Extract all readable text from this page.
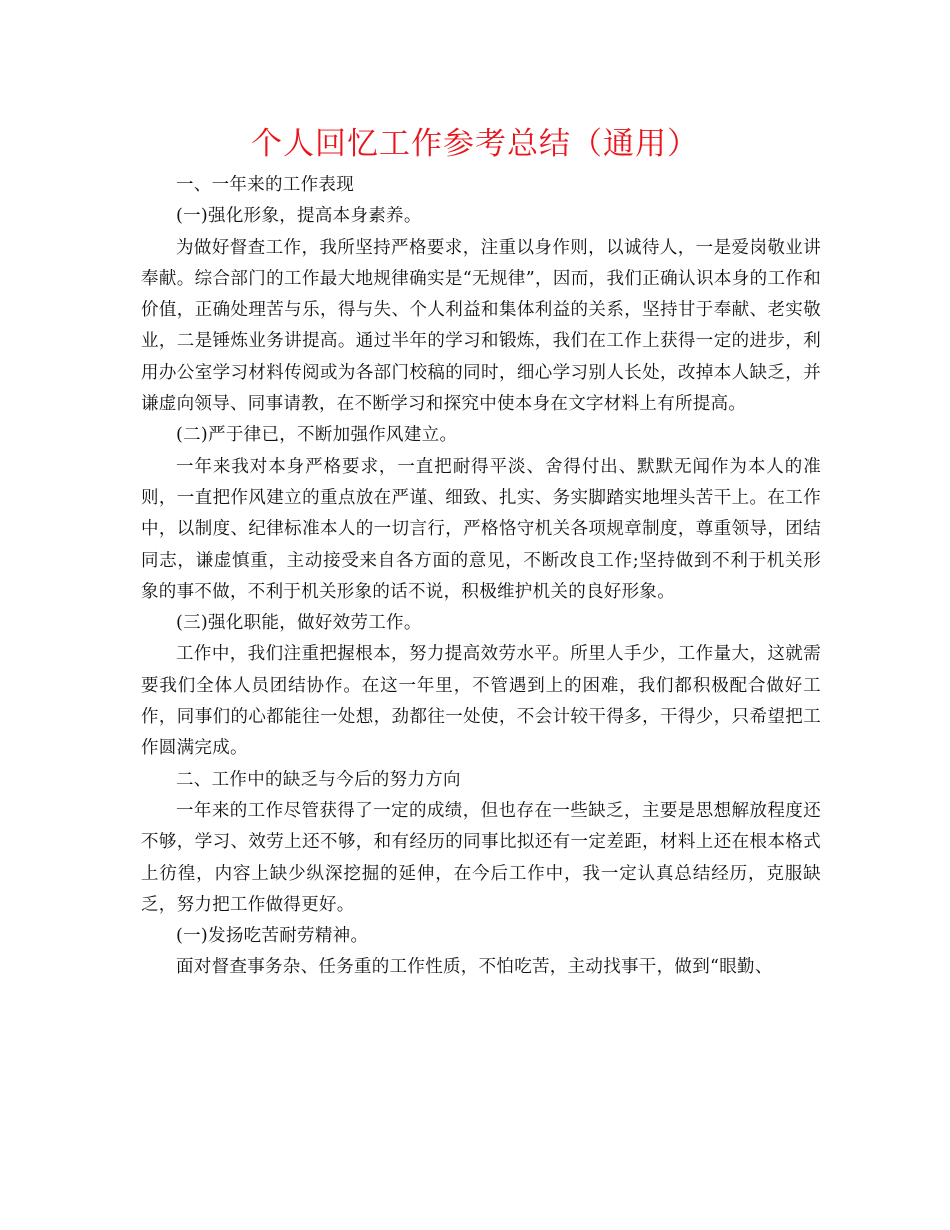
个人回忆工作参考总结（通用）

一、一年来的工作表现

(一)强化形象，提高本身素养。

为做好督查工作，我所坚持严格要求，注重以身作则，以诚待人，一是爱岗敬业讲奉献。综合部门的工作最大地规律确实是“无规律”，因而，我们正确认识本身的工作和价值，正确处理苦与乐，得与失、个人利益和集体利益的关系，坚持甘于奉献、老实敬业，二是锤炼业务讲提高。通过半年的学习和锻炼，我们在工作上获得一定的进步，利用办公室学习材料传阅或为各部门校稿的同时，细心学习别人长处，改掉本人缺乏，并谦虚向领导、同事请教，在不断学习和探究中使本身在文字材料上有所提高。

(二)严于律已，不断加强作风建立。

一年来我对本身严格要求，一直把耐得平淡、舍得付出、默默无闻作为本人的准则，一直把作风建立的重点放在严谨、细致、扎实、务实脚踏实地埋头苦干上。在工作中，以制度、纪律标准本人的一切言行，严格恪守机关各项规章制度，尊重领导，团结同志，谦虚慎重，主动接受来自各方面的意见，不断改良工作;坚持做到不利于机关形象的事不做，不利于机关形象的话不说，积极维护机关的良好形象。

(三)强化职能，做好效劳工作。

工作中，我们注重把握根本，努力提高效劳水平。所里人手少，工作量大，这就需要我们全体人员团结协作。在这一年里，不管遇到上的困难，我们都积极配合做好工作，同事们的心都能往一处想，劲都往一处使，不会计较干得多，干得少，只希望把工作圆满完成。

二、工作中的缺乏与今后的努力方向

一年来的工作尽管获得了一定的成绩，但也存在一些缺乏，主要是思想解放程度还不够，学习、效劳上还不够，和有经历的同事比拟还有一定差距，材料上还在根本格式上彷徨，内容上缺少纵深挖掘的延伸，在今后工作中，我一定认真总结经历，克服缺乏，努力把工作做得更好。

(一)发扬吃苦耐劳精神。

面对督查事务杂、任务重的工作性质，不怕吃苦，主动找事干，做到“眼勤、
